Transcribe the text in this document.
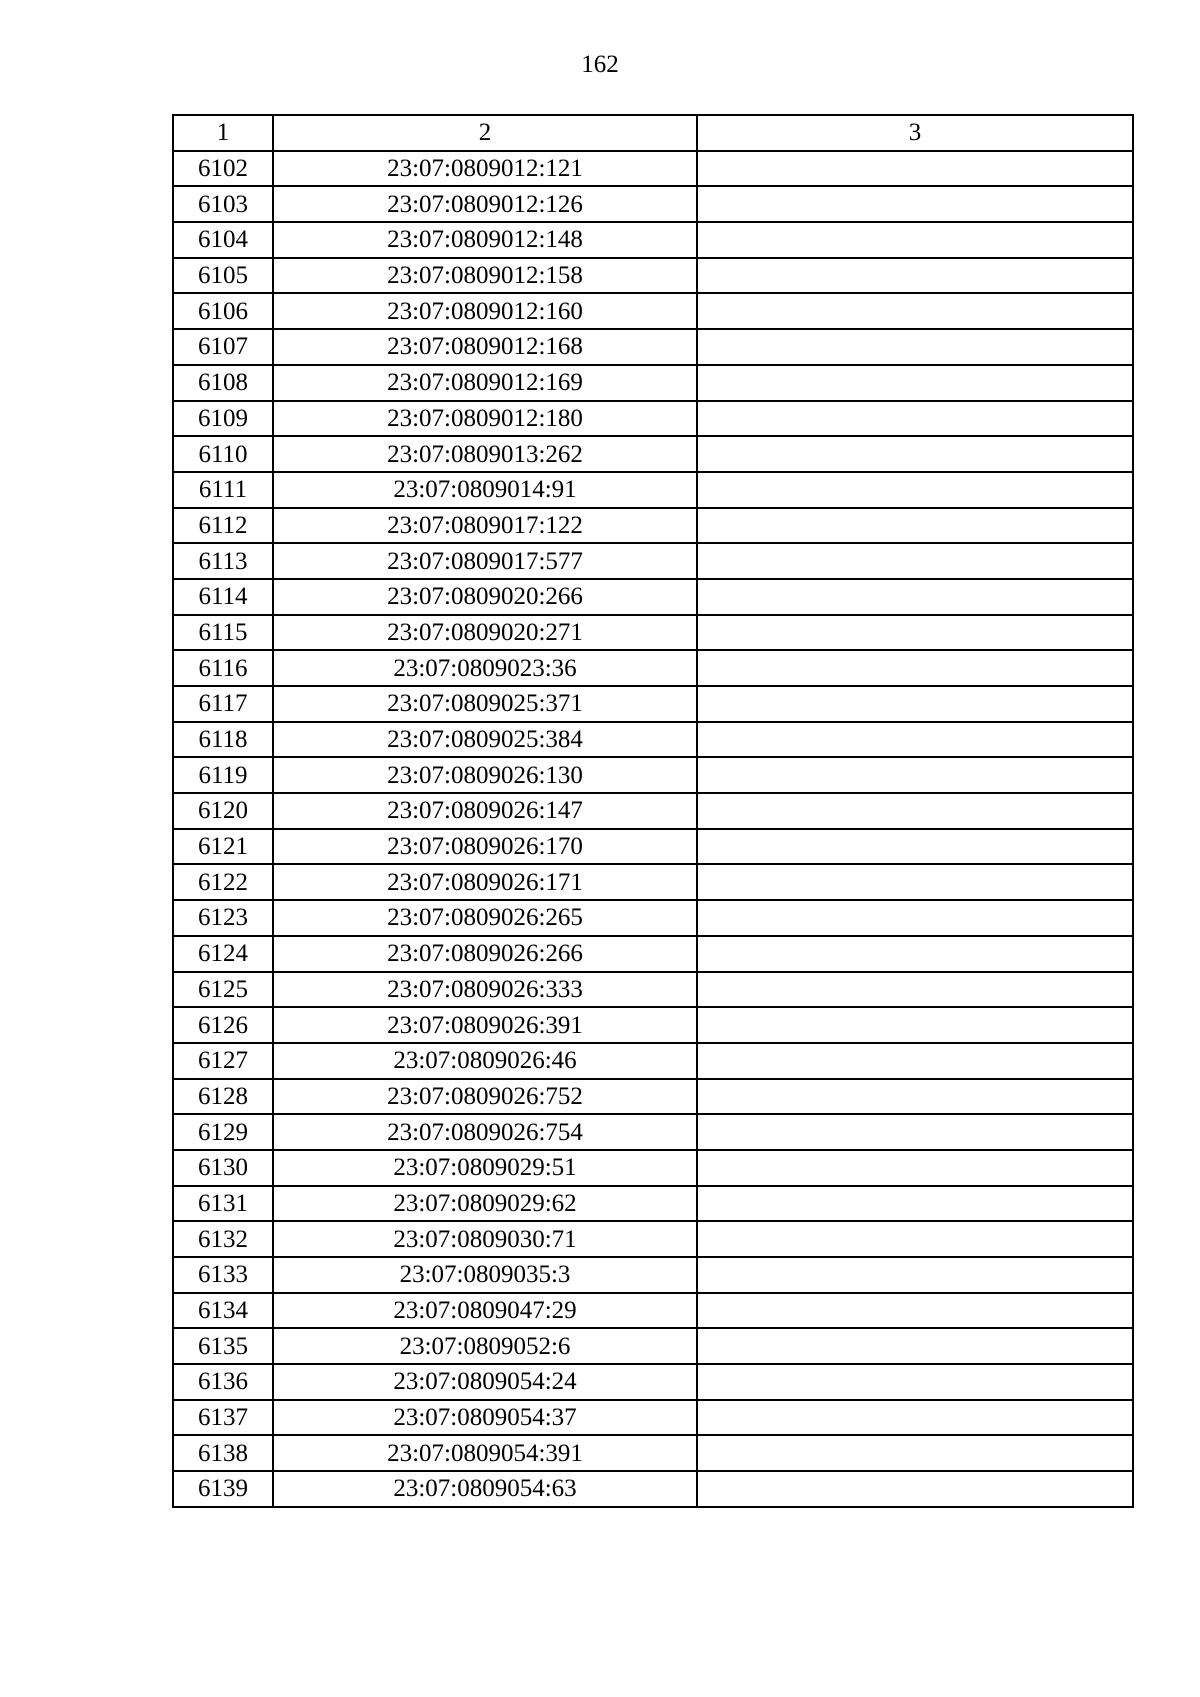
162
1	2	3
6102	23:07:0809012:121	
6103	23:07:0809012:126	
6104	23:07:0809012:148	
6105	23:07:0809012:158	
6106	23:07:0809012:160	
6107	23:07:0809012:168	
6108	23:07:0809012:169	
6109	23:07:0809012:180	
6110	23:07:0809013:262	
6111	23:07:0809014:91	
6112	23:07:0809017:122	
6113	23:07:0809017:577	
6114	23:07:0809020:266	
6115	23:07:0809020:271	
6116	23:07:0809023:36	
6117	23:07:0809025:371	
6118	23:07:0809025:384	
6119	23:07:0809026:130	
6120	23:07:0809026:147	
6121	23:07:0809026:170	
6122	23:07:0809026:171	
6123	23:07:0809026:265	
6124	23:07:0809026:266	
6125	23:07:0809026:333	
6126	23:07:0809026:391	
6127	23:07:0809026:46	
6128	23:07:0809026:752	
6129	23:07:0809026:754	
6130	23:07:0809029:51	
6131	23:07:0809029:62	
6132	23:07:0809030:71	
6133	23:07:0809035:3	
6134	23:07:0809047:29	
6135	23:07:0809052:6	
6136	23:07:0809054:24	
6137	23:07:0809054:37	
6138	23:07:0809054:391	
6139	23:07:0809054:63	
